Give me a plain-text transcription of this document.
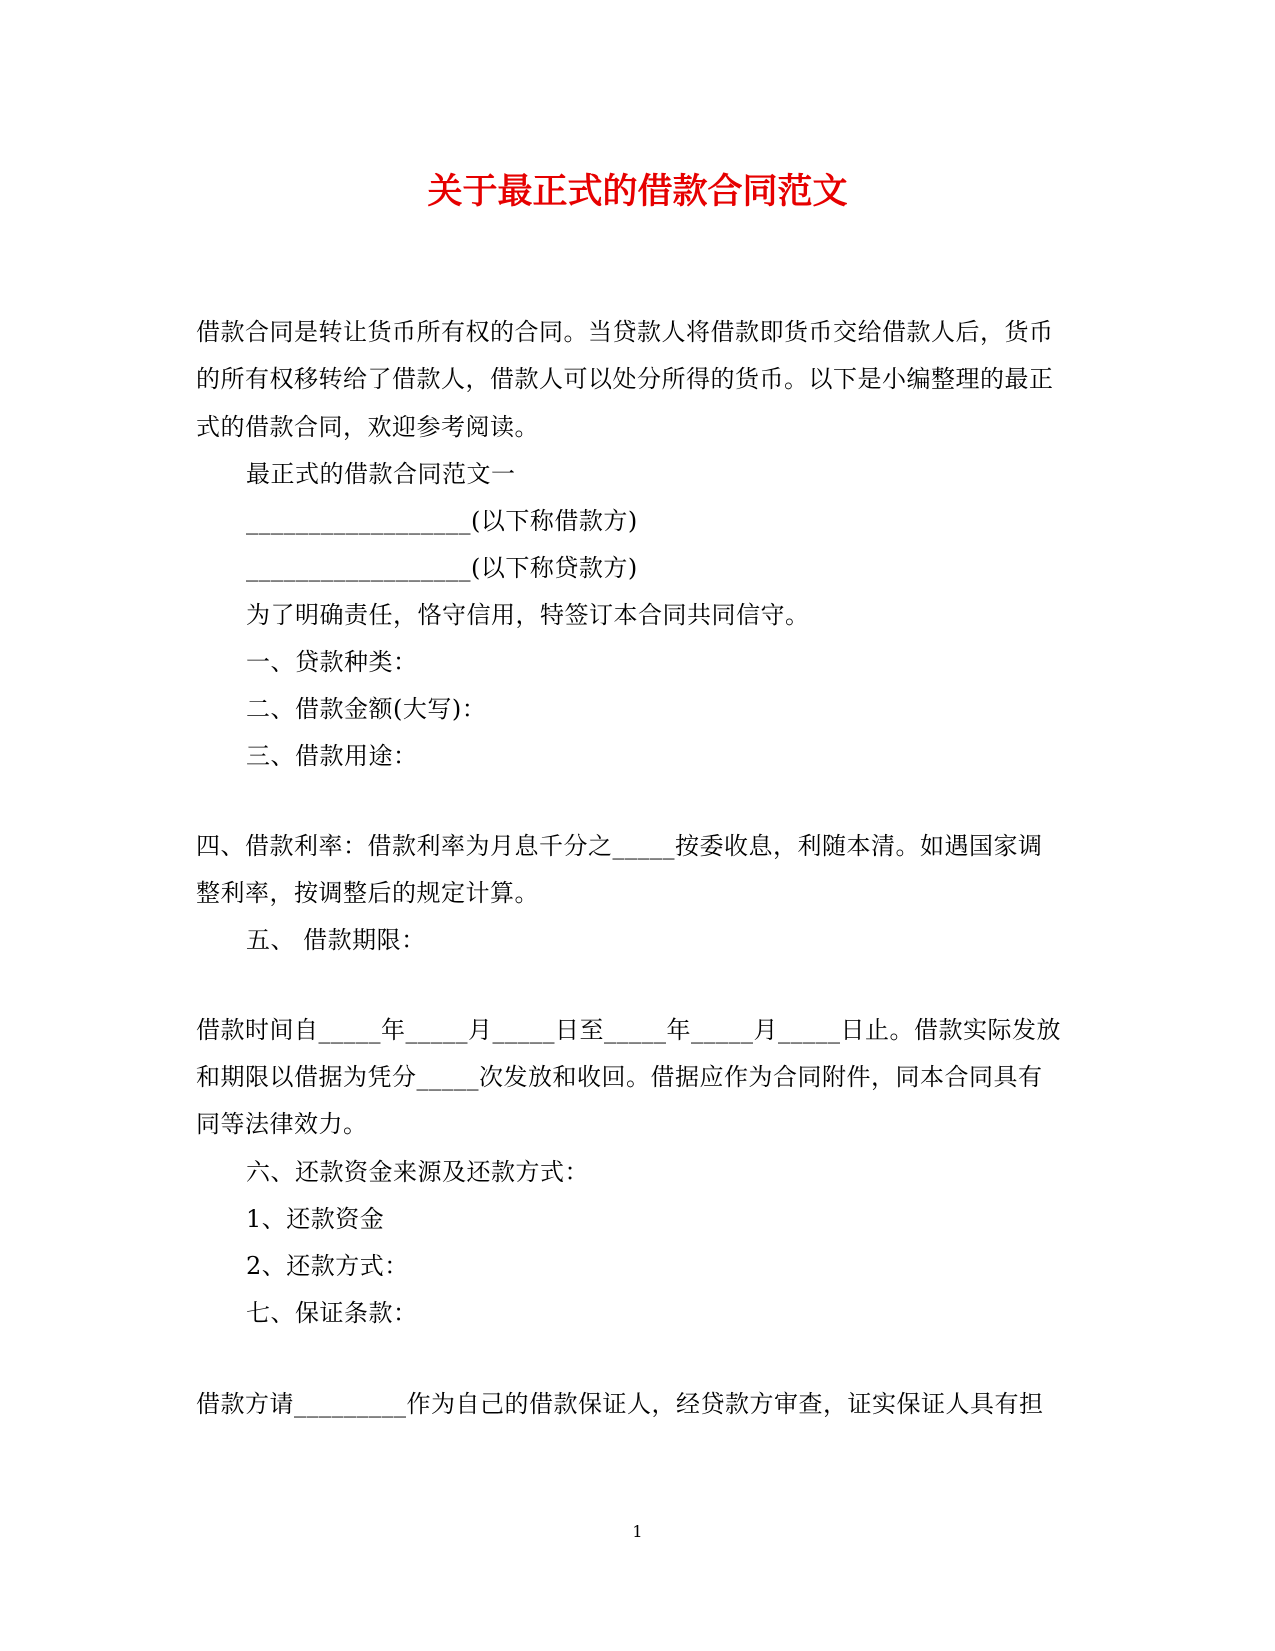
关于最正式的借款合同范文
借款合同是转让货币所有权的合同。当贷款人将借款即货币交给借款人后，货币
的所有权移转给了借款人，借款人可以处分所得的货币。以下是小编整理的最正
式的借款合同，欢迎参考阅读。
最正式的借款合同范文一
__________________(以下称借款方)
__________________(以下称贷款方)
为了明确责任，恪守信用，特签订本合同共同信守。
一、贷款种类：
二、借款金额(大写)：
三、借款用途：
四、借款利率：借款利率为月息千分之_____按委收息，利随本清。如遇国家调
整利率，按调整后的规定计算。
五、 借款期限：
借款时间自_____年_____月_____日至_____年_____月_____日止。借款实际发放
和期限以借据为凭分_____次发放和收回。借据应作为合同附件，同本合同具有
同等法律效力。
六、还款资金来源及还款方式：
1、还款资金
2、还款方式：
七、保证条款：
借款方请_________作为自己的借款保证人，经贷款方审查，证实保证人具有担
1
